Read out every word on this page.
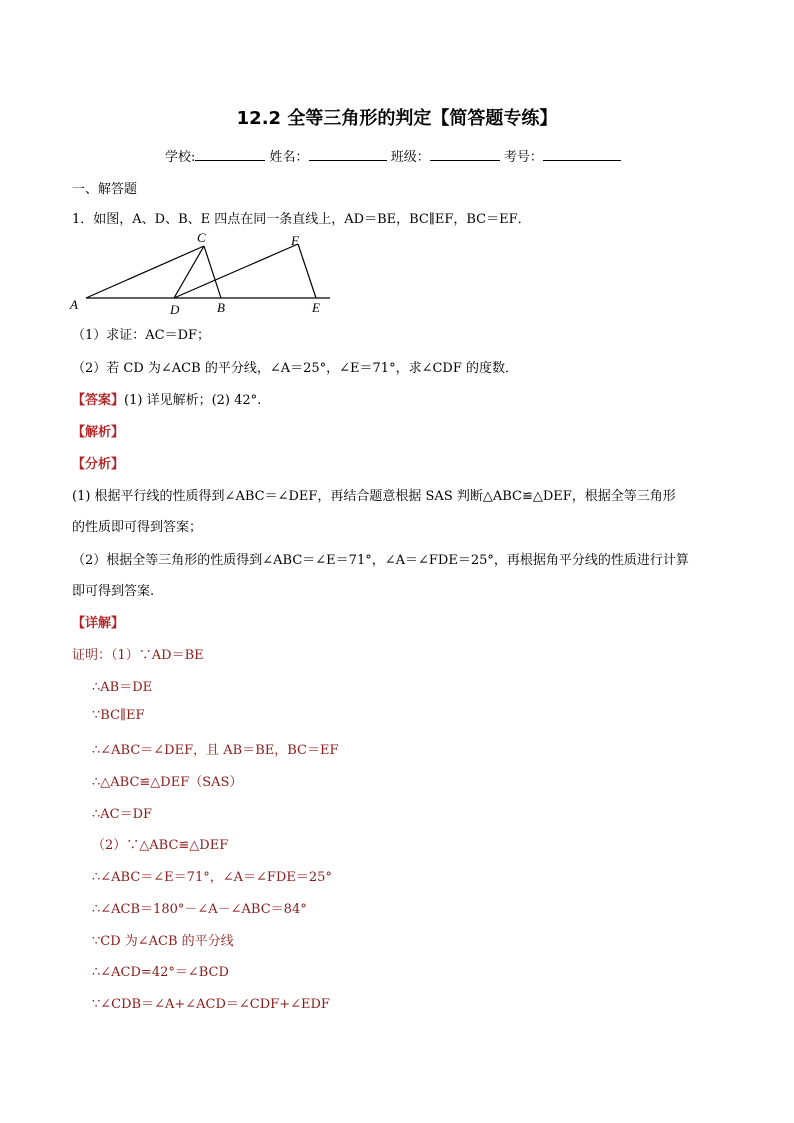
12.2 全等三角形的判定【简答题专练】
学校:	姓名：	班级：	考号：
一、解答题
1．如图，A、D、B、E 四点在同一条直线上，AD＝BE，BC∥EF，BC＝EF．
A
C	F
D	B	E
（1）求证：AC＝DF；
（2）若 CD 为∠ACB 的平分线，∠A＝25°，∠E＝71°，求∠CDF 的度数．
【答案】(1) 详见解析；(2) 42°.
【解析】
【分析】
(1) 根据平行线的性质得到∠ABC＝∠DEF，再结合题意根据 SAS 判断△ABC≌△DEF，根据全等三角形
的性质即可得到答案；
（2）根据全等三角形的性质得到∠ABC＝∠E＝71°，∠A＝∠FDE＝25°，再根据角平分线的性质进行计算
即可得到答案.
【详解】
证明：（1）∵AD＝BE
∴AB＝DE
∵BC∥EF
∴∠ABC＝∠DEF，且 AB＝BE，BC＝EF
∴△ABC≌△DEF（SAS）
∴AC＝DF
（2）∵△ABC≌△DEF
∴∠ABC＝∠E＝71°，∠A＝∠FDE＝25°
∴∠ACB＝180°－∠A－∠ABC＝84°
∵CD 为∠ACB 的平分线
∴∠ACD=42°＝∠BCD
∵∠CDB＝∠A+∠ACD＝∠CDF+∠EDF
